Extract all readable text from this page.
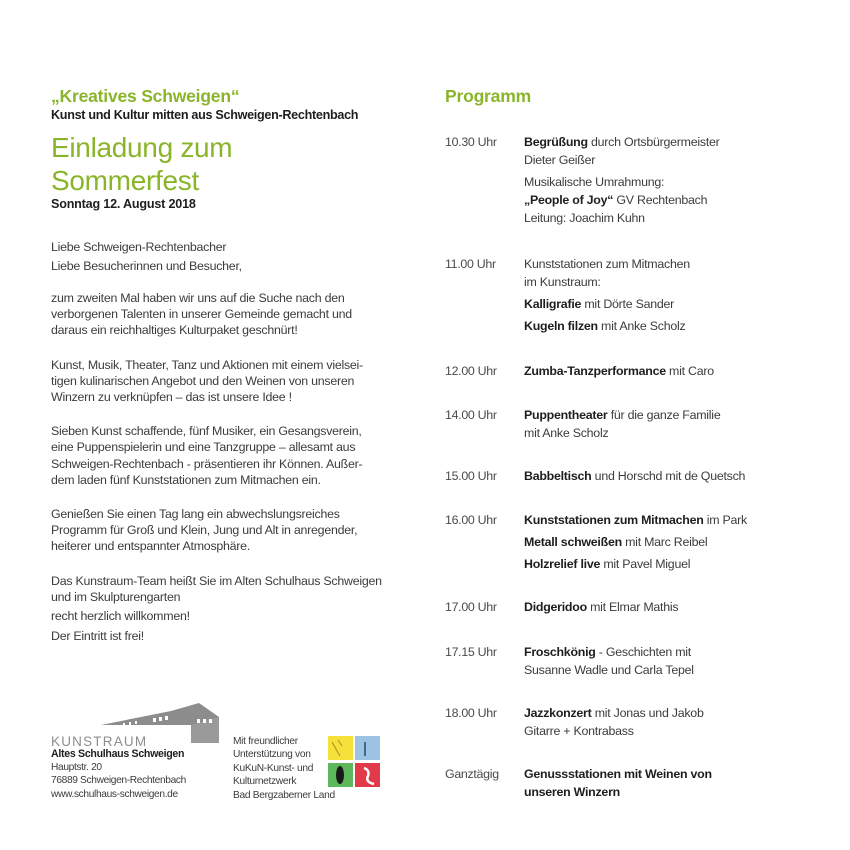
„Kreatives Schweigen“

Kunst und Kultur mitten aus Schweigen-Rechtenbach

Einladung zum
Sommerfest

Sonntag 12. August 2018

Liebe Schweigen-Rechtenbacher

Liebe Besucherinnen und Besucher,

zum zweiten Mal haben wir uns auf die Suche nach den

verborgenen Talenten in unserer Gemeinde gemacht und

daraus ein reichhaltiges Kulturpaket geschnürt!

Kunst, Musik, Theater, Tanz und Aktionen mit einem vielsei-

tigen kulinarischen Angebot und den Weinen von unseren

Winzern zu verknüpfen – das ist unsere Idee !

Sieben Kunst schaffende, fünf Musiker, ein Gesangsverein,

eine Puppenspielerin und eine Tanzgruppe – allesamt aus

Schweigen-Rechtenbach - präsentieren ihr Können. Außer-

dem laden fünf Kunststationen zum Mitmachen ein.

Genießen Sie einen Tag lang ein abwechslungsreiches

Programm für Groß und Klein, Jung und Alt in anregender,

heiterer und entspannter Atmosphäre.

Das Kunstraum-Team heißt Sie im Alten Schulhaus Schweigen

und im Skulpturengarten

recht herzlich willkommen!

Der Eintritt ist frei!

KUNSTRAUM
Altes Schulhaus Schweigen
Hauptstr. 20
76889 Schweigen-Rechtenbach
www.schulhaus-schweigen.de
Mit freundlicher
Unterstützung von
KuKuN-Kunst- und
Kulturnetzwerk
Bad Bergzaberner Land
Programm
10.30 Uhr	Begrüßung durch Ortsbürgermeister
Dieter Geißer
Musikalische Umrahmung:
„People of Joy“ GV Rechtenbach
Leitung: Joachim Kuhn
11.00 Uhr	Kunststationen zum Mitmachen
im Kunstraum:
Kalligrafie mit Dörte Sander
Kugeln filzen mit Anke Scholz
12.00 Uhr	Zumba-Tanzperformance mit Caro
14.00 Uhr	Puppentheater für die ganze Familie
mit Anke Scholz
15.00 Uhr	Babbeltisch und Horschd mit de Quetsch
16.00 Uhr	Kunststationen zum Mitmachen im Park
Metall schweißen mit Marc Reibel
Holzrelief live mit Pavel Miguel
17.00 Uhr	Didgeridoo mit Elmar Mathis
17.15 Uhr	Froschkönig - Geschichten mit
Susanne Wadle und Carla Tepel
18.00 Uhr	Jazzkonzert mit Jonas und Jakob
Gitarre + Kontrabass
Ganztägig	Genussstationen mit Weinen von
unseren Winzern
